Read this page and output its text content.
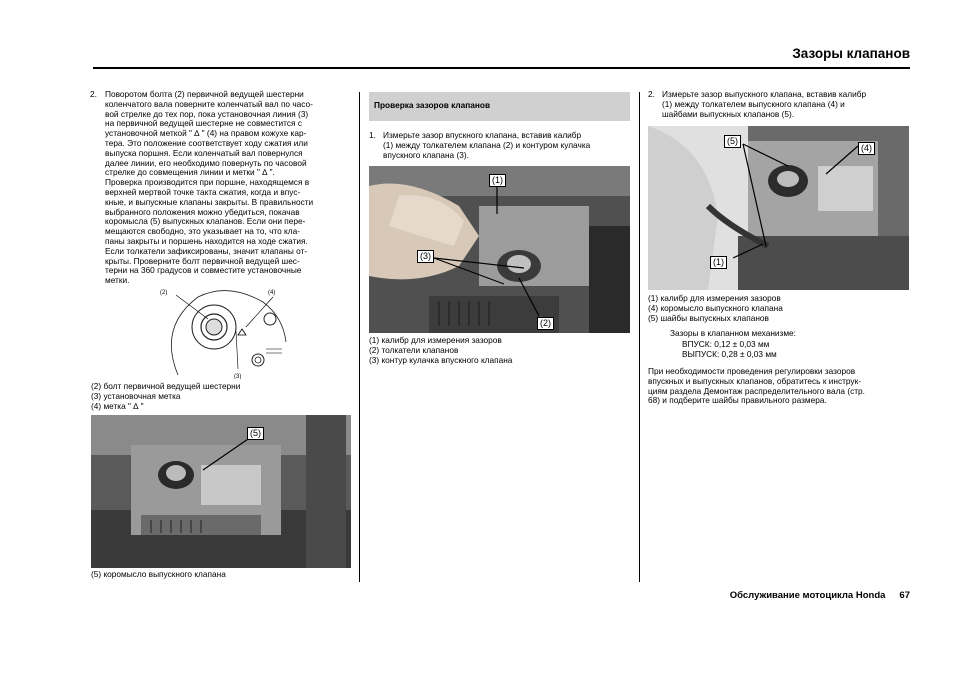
Зазоры клапанов
2. Поворотом болта (2) первичной ведущей шестерни
коленчатого вала поверните коленчатый вал по часо-
вой стрелке до тех пор, пока установочная линия (3)
на первичной ведущей шестерне не совместится с
установочной меткой " ∆ " (4) на правом кожухе кар-
тера. Это положение соответствует ходу сжатия или
выпуска поршня. Если коленчатый вал повернулся
далее линии, его необходимо повернуть по часовой
стрелке до совмещения линии и метки " ∆ ".
Проверка производится при поршне, находящемся в
верхней мертвой точке такта сжатия, когда и впус-
кные, и выпускные клапаны закрыты. В правильности
выбранного положения можно убедиться, покачав
коромысла (5) выпускных клапанов. Если они пере-
мещаются свободно, это указывает на то, что кла-
паны закрыты и поршень находится на ходе сжатия.
Если толкатели зафиксированы, значит клапаны от-
крыты. Проверните болт первичной ведущей шес-
терни на 360 градусов и совместите установочные
метки.
(2)	(4)
(3)
(2) болт первичной ведущей шестерни
(3) установочная метка
(4) метка " ∆ "
(5)
(5) коромысло выпускного клапана
Проверка зазоров клапанов
1. Измерьте зазор впускного клапана, вставив калибр
(1) между толкателем клапана (2) и контуром кулачка
впускного клапана (3).
(1)
(3)
(2)
(1) калибр для измерения зазоров
(2) толкатели клапанов
(3) контур кулачка впускного клапана
2. Измерьте зазор выпускного клапана, вставив калибр
(1) между толкателем выпускного клапана (4) и
шайбами выпускных клапанов (5).
(5)
(4)
(1)
(1) калибр для измерения зазоров
(4) коромысло выпускного клапана
(5) шайбы выпускных клапанов
Зазоры в клапанном механизме:
ВПУСК: 0,12 ± 0,03 мм
ВЫПУСК: 0,28 ± 0,03 мм
При необходимости проведения регулировки зазоров
впускных и выпускных клапанов, обратитесь к инструк-
циям раздела Демонтаж распределительного вала (стр.
68) и подберите шайбы правильного размера.
Обслуживание мотоцикла Honda 67
